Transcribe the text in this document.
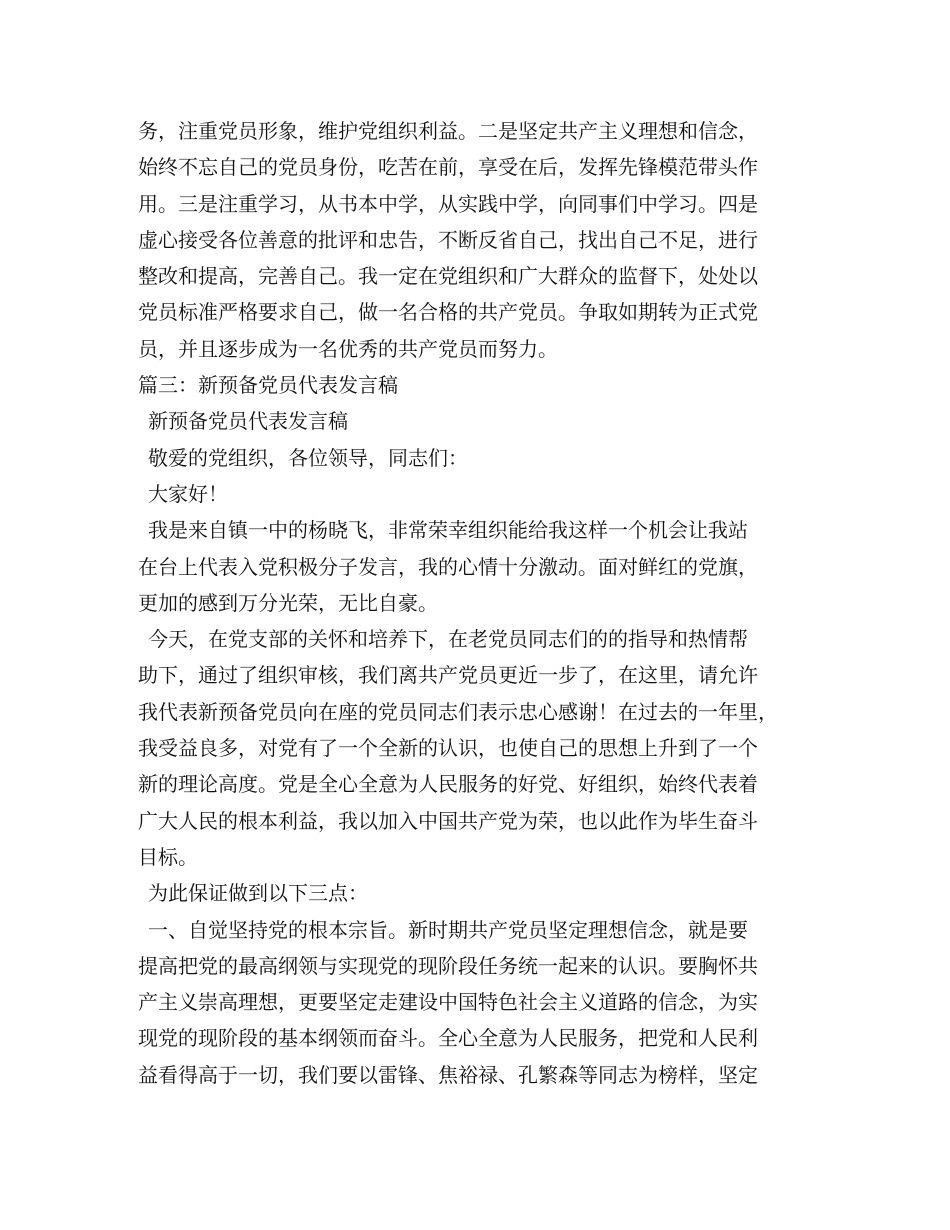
务，注重党员形象，维护党组织利益。二是坚定共产主义理想和信念，
始终不忘自己的党员身份，吃苦在前，享受在后，发挥先锋模范带头作
用。三是注重学习，从书本中学，从实践中学，向同事们中学习。四是
虚心接受各位善意的批评和忠告，不断反省自己，找出自己不足，进行
整改和提高，完善自己。我一定在党组织和广大群众的监督下，处处以
党员标准严格要求自己，做一名合格的共产党员。争取如期转为正式党
员，并且逐步成为一名优秀的共产党员而努力。
篇三：新预备党员代表发言稿
新预备党员代表发言稿
敬爱的党组织，各位领导，同志们：
大家好！
我是来自镇一中的杨晓飞，非常荣幸组织能给我这样一个机会让我站
在台上代表入党积极分子发言，我的心情十分激动。面对鲜红的党旗，
更加的感到万分光荣，无比自豪。
今天，在党支部的关怀和培养下，在老党员同志们的的指导和热情帮
助下，通过了组织审核，我们离共产党员更近一步了，在这里，请允许
我代表新预备党员向在座的党员同志们表示忠心感谢！在过去的一年里，
我受益良多，对党有了一个全新的认识，也使自己的思想上升到了一个
新的理论高度。党是全心全意为人民服务的好党、好组织，始终代表着
广大人民的根本利益，我以加入中国共产党为荣，也以此作为毕生奋斗
目标。
为此保证做到以下三点：
一、自觉坚持党的根本宗旨。新时期共产党员坚定理想信念，就是要
提高把党的最高纲领与实现党的现阶段任务统一起来的认识。要胸怀共
产主义崇高理想，更要坚定走建设中国特色社会主义道路的信念，为实
现党的现阶段的基本纲领而奋斗。全心全意为人民服务，把党和人民利
益看得高于一切，我们要以雷锋、焦裕禄、孔繁森等同志为榜样，坚定
